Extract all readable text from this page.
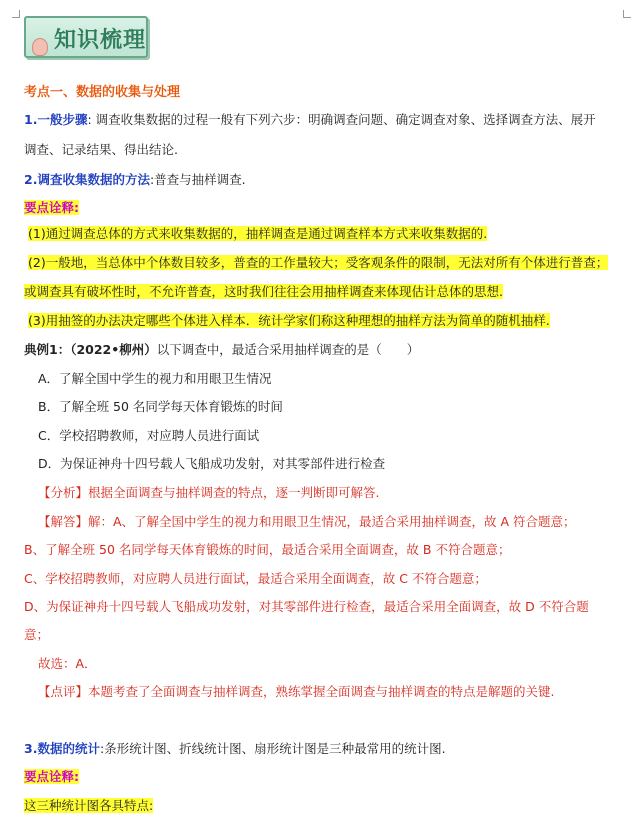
知识梳理
考点一、数据的收集与处理
1.一般步骤: 调查收集数据的过程一般有下列六步：明确调查问题、确定调查对象、选择调查方法、展开
调查、记录结果、得出结论.
2.调查收集数据的方法:普查与抽样调查.
要点诠释:
(1)通过调查总体的方式来收集数据的，抽样调查是通过调查样本方式来收集数据的.
(2)一般地，当总体中个体数目较多，普查的工作量较大；受客观条件的限制，无法对所有个体进行普查；
或调查具有破坏性时，不允许普查，这时我们往往会用抽样调查来体现估计总体的思想.
(3)用抽签的办法决定哪些个体进入样本．统计学家们称这种理想的抽样方法为简单的随机抽样.
典例1：（2022•柳州）以下调查中，最适合采用抽样调查的是（　　）
A．了解全国中学生的视力和用眼卫生情况
B．了解全班 50 名同学每天体育锻炼的时间
C．学校招聘教师，对应聘人员进行面试
D．为保证神舟十四号载人飞船成功发射，对其零部件进行检查
【分析】根据全面调查与抽样调查的特点，逐一判断即可解答.
【解答】解：A、了解全国中学生的视力和用眼卫生情况，最适合采用抽样调查，故 A 符合题意；
B、了解全班 50 名同学每天体育锻炼的时间，最适合采用全面调查，故 B 不符合题意；
C、学校招聘教师，对应聘人员进行面试，最适合采用全面调查，故 C 不符合题意；
D、为保证神舟十四号载人飞船成功发射，对其零部件进行检查，最适合采用全面调查，故 D 不符合题
意；
故选：A．
【点评】本题考查了全面调查与抽样调查，熟练掌握全面调查与抽样调查的特点是解题的关键.
3.数据的统计:条形统计图、折线统计图、扇形统计图是三种最常用的统计图.
要点诠释:
这三种统计图各具特点:
